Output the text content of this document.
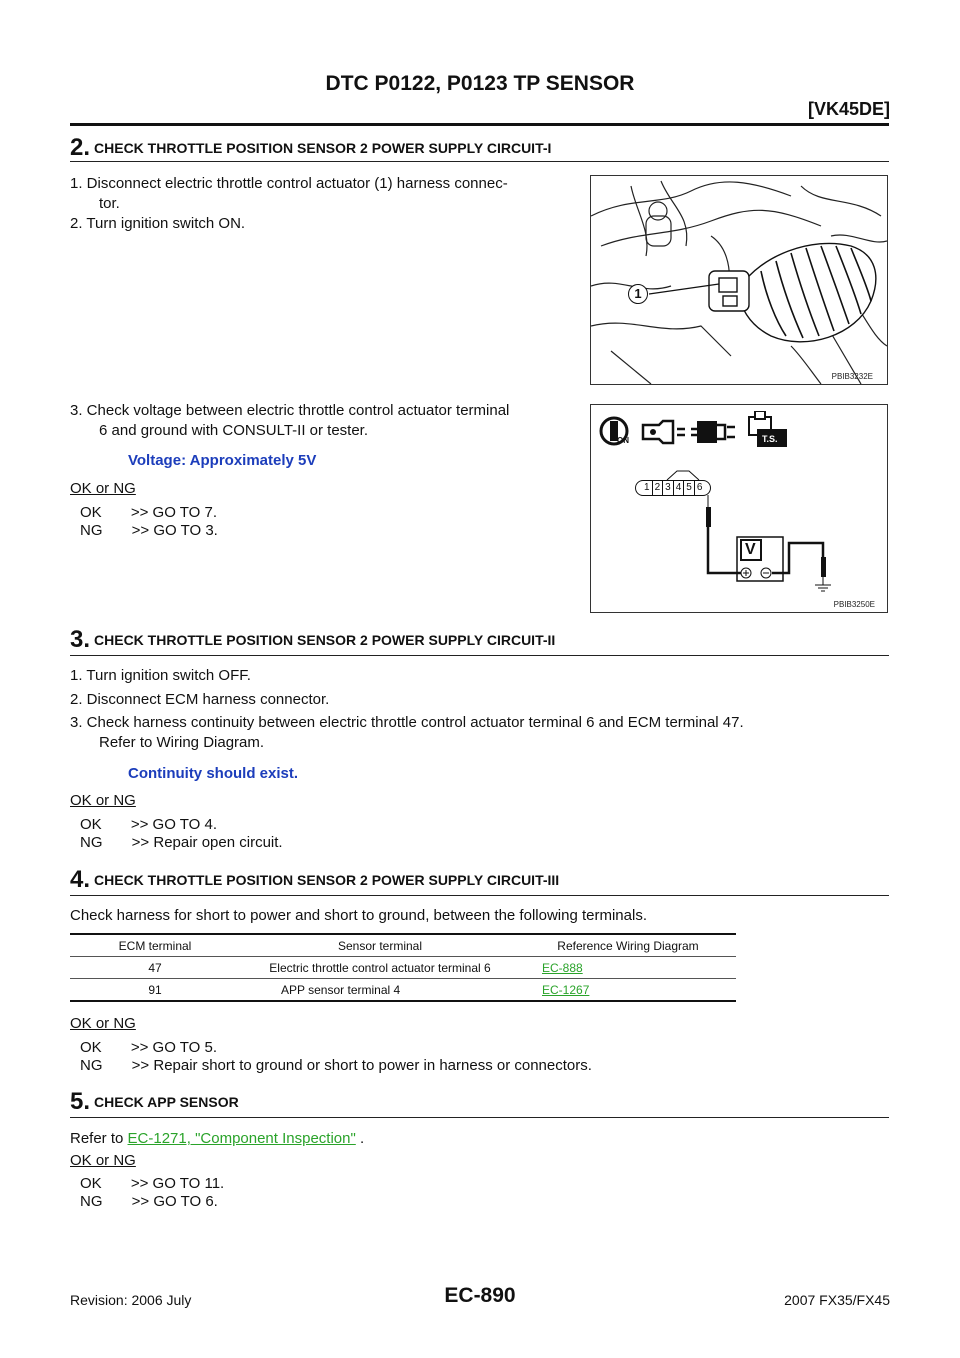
DTC P0122, P0123 TP SENSOR
[VK45DE]
2. CHECK THROTTLE POSITION SENSOR 2 POWER SUPPLY CIRCUIT-I
1. Disconnect electric throttle control actuator (1) harness connec-
tor.
2. Turn ignition switch ON.
3. Check voltage between electric throttle control actuator terminal
6 and ground with CONSULT-II or tester.
Voltage: Approximately 5V
OK or NG
OK       >> GO TO 7.
NG       >> GO TO 3.
1
PBIB3232E
ON	T.S.
1 2 3 4 5 6
V
PBIB3250E
3. CHECK THROTTLE POSITION SENSOR 2 POWER SUPPLY CIRCUIT-II
1. Turn ignition switch OFF.
2. Disconnect ECM harness connector.
3. Check harness continuity between electric throttle control actuator terminal 6 and ECM terminal 47.
Refer to Wiring Diagram.
Continuity should exist.
OK or NG
OK       >> GO TO 4.
NG       >> Repair open circuit.
4. CHECK THROTTLE POSITION SENSOR 2 POWER SUPPLY CIRCUIT-III
Check harness for short to power and short to ground, between the following terminals.
ECM terminal	Sensor terminal	Reference Wiring Diagram
47	Electric throttle control actuator terminal 6	EC-888
91	APP sensor terminal 4	EC-1267
OK or NG
OK       >> GO TO 5.
NG       >> Repair short to ground or short to power in harness or connectors.
5. CHECK APP SENSOR
Refer to EC-1271, "Component Inspection" .
OK or NG
OK       >> GO TO 11.
NG       >> GO TO 6.
Revision: 2006 July	EC-890	2007 FX35/FX45
